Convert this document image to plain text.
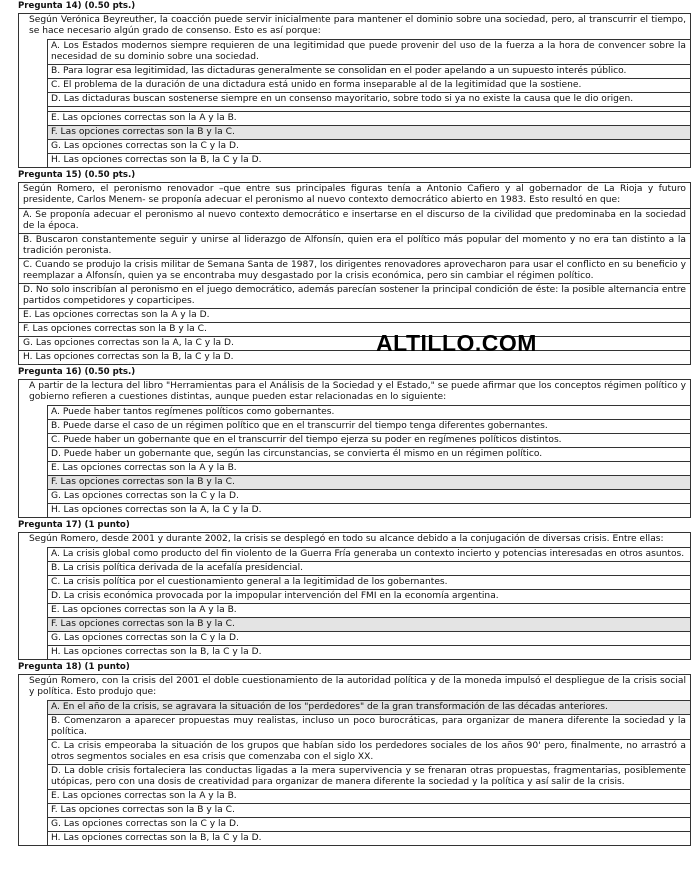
Pregunta 14) (0.50 pts.)
Según Verónica Beyreuther, la coacción puede servir inicialmente para mantener el dominio sobre una sociedad, pero, al transcurrir el tiempo, se hace necesario algún grado de consenso. Esto es así porque:
A. Los Estados modernos siempre requieren de una legitimidad que puede provenir del uso de la fuerza a la hora de convencer sobre la necesidad de su dominio sobre una sociedad.
B. Para lograr esa legitimidad, las dictaduras generalmente se consolidan en el poder apelando a un supuesto interés público.
C. El problema de la duración de una dictadura está unido en forma inseparable al de la legitimidad que la sostiene.
D. Las dictaduras buscan sostenerse siempre en un consenso mayoritario, sobre todo si ya no existe la causa que le dio origen.
E. Las opciones correctas son la A y la B.
F. Las opciones correctas son la B y la C.
G. Las opciones correctas son la C y la D.
H. Las opciones correctas son la B, la C y la D.
Pregunta 15) (0.50 pts.)
Según Romero, el peronismo renovador –que entre sus principales figuras tenía a Antonio Cafiero y al gobernador de La Rioja y futuro presidente, Carlos Menem- se proponía adecuar el peronismo al nuevo contexto democrático abierto en 1983. Esto resultó en que:
A. Se proponía adecuar el peronismo al nuevo contexto democrático e insertarse en el discurso de la civilidad que predominaba en la sociedad de la época.
B. Buscaron constantemente seguir y unirse al liderazgo de Alfonsín, quien era el político más popular del momento y no era tan distinto a la tradición peronista.
C. Cuando se produjo la crisis militar de Semana Santa de 1987, los dirigentes renovadores aprovecharon para usar el conflicto en su beneficio y reemplazar a Alfonsín, quien ya se encontraba muy desgastado por la crisis económica, pero sin cambiar el régimen político.
D. No solo inscribían al peronismo en el juego democrático, además parecían sostener la principal condición de éste: la posible alternancia entre partidos competidores y coparticipes.
E. Las opciones correctas son la A y la D.
F. Las opciones correctas son la B y la C.
G. Las opciones correctas son la A, la C y la D.
H. Las opciones correctas son la B, la C y la D.
Pregunta 16) (0.50 pts.)
A partir de la lectura del libro "Herramientas para el Análisis de la Sociedad y el Estado," se puede afirmar que los conceptos régimen político y gobierno refieren a cuestiones distintas, aunque pueden estar relacionadas en lo siguiente:
A. Puede haber tantos regímenes políticos como gobernantes.
B. Puede darse el caso de un régimen político que en el transcurrir del tiempo tenga diferentes gobernantes.
C. Puede haber un gobernante que en el transcurrir del tiempo ejerza su poder en regímenes políticos distintos.
D. Puede haber un gobernante que, según las circunstancias, se convierta él mismo en un régimen político.
E. Las opciones correctas son la A y la B.
F. Las opciones correctas son la B y la C.
G. Las opciones correctas son la C y la D.
H. Las opciones correctas son la A, la C y la D.
Pregunta 17) (1 punto)
Según Romero, desde 2001 y durante 2002, la crisis se desplegó en todo su alcance debido a la conjugación de diversas crisis. Entre ellas:
A. La crisis global como producto del fin violento de la Guerra Fría generaba un contexto incierto y potencias interesadas en otros asuntos.
B. La crisis política derivada de la acefalía presidencial.
C. La crisis política por el cuestionamiento general a la legitimidad de los gobernantes.
D. La crisis económica provocada por la impopular intervención del FMI en la economía argentina.
E. Las opciones correctas son la A y la B.
F. Las opciones correctas son la B y la C.
G. Las opciones correctas son la C y la D.
H. Las opciones correctas son la B, la C y la D.
Pregunta 18) (1 punto)
Según Romero, con la crisis del 2001 el doble cuestionamiento de la autoridad política y de la moneda impulsó el despliegue de la crisis social y política. Esto produjo que:
A. En el año de la crisis, se agravara la situación de los "perdedores" de la gran transformación de las décadas anteriores.
B. Comenzaron a aparecer propuestas muy realistas, incluso un poco burocráticas, para organizar de manera diferente la sociedad y la política.
C. La crisis empeoraba la situación de los grupos que habían sido los perdedores sociales de los años 90' pero, finalmente, no arrastró a otros segmentos sociales en esa crisis que comenzaba con el siglo XX.
D. La doble crisis fortaleciera las conductas ligadas a la mera supervivencia y se frenaran otras propuestas, fragmentarias, posiblemente utópicas, pero con una dosis de creatividad para organizar de manera diferente la sociedad y la política y así salir de la crisis.
E. Las opciones correctas son la A y la B.
F. Las opciones correctas son la B y la C.
G. Las opciones correctas son la C y la D.
H. Las opciones correctas son la B, la C y la D.
ALTILLO.COM
